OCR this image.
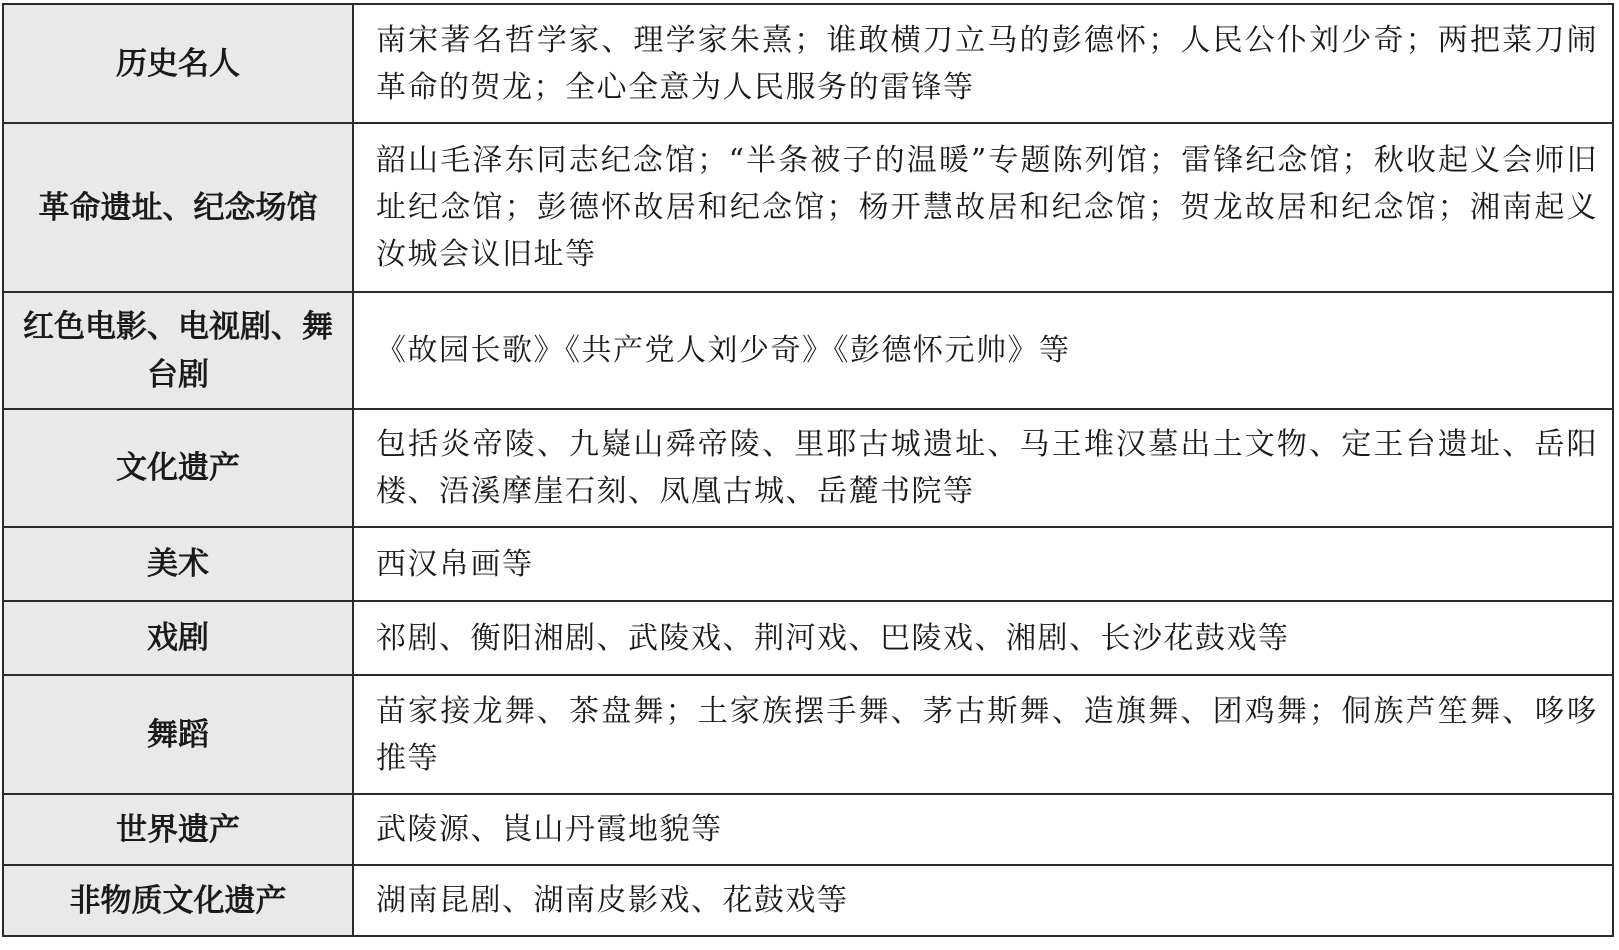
历史名人	南宋著名哲学家、理学家朱熹；谁敢横刀立马的彭德怀；人民公仆刘少奇；两把菜刀闹革命的贺龙；全心全意为人民服务的雷锋等
革命遗址、纪念场馆	韶山毛泽东同志纪念馆；“半条被子的温暖”专题陈列馆；雷锋纪念馆；秋收起义会师旧址纪念馆；彭德怀故居和纪念馆；杨开慧故居和纪念馆；贺龙故居和纪念馆；湘南起义汝城会议旧址等
红色电影、电视剧、舞台剧	《故园长歌》《共产党人刘少奇》《彭德怀元帅》等
文化遗产	包括炎帝陵、九嶷山舜帝陵、里耶古城遗址、马王堆汉墓出土文物、定王台遗址、岳阳楼、浯溪摩崖石刻、凤凰古城、岳麓书院等
美术	西汉帛画等
戏剧	祁剧、衡阳湘剧、武陵戏、荆河戏、巴陵戏、湘剧、长沙花鼓戏等
舞蹈	苗家接龙舞、茶盘舞；土家族摆手舞、茅古斯舞、造旗舞、团鸡舞；侗族芦笙舞、哆哆推等
世界遗产	武陵源、崀山丹霞地貌等
非物质文化遗产	湖南昆剧、湖南皮影戏、花鼓戏等
